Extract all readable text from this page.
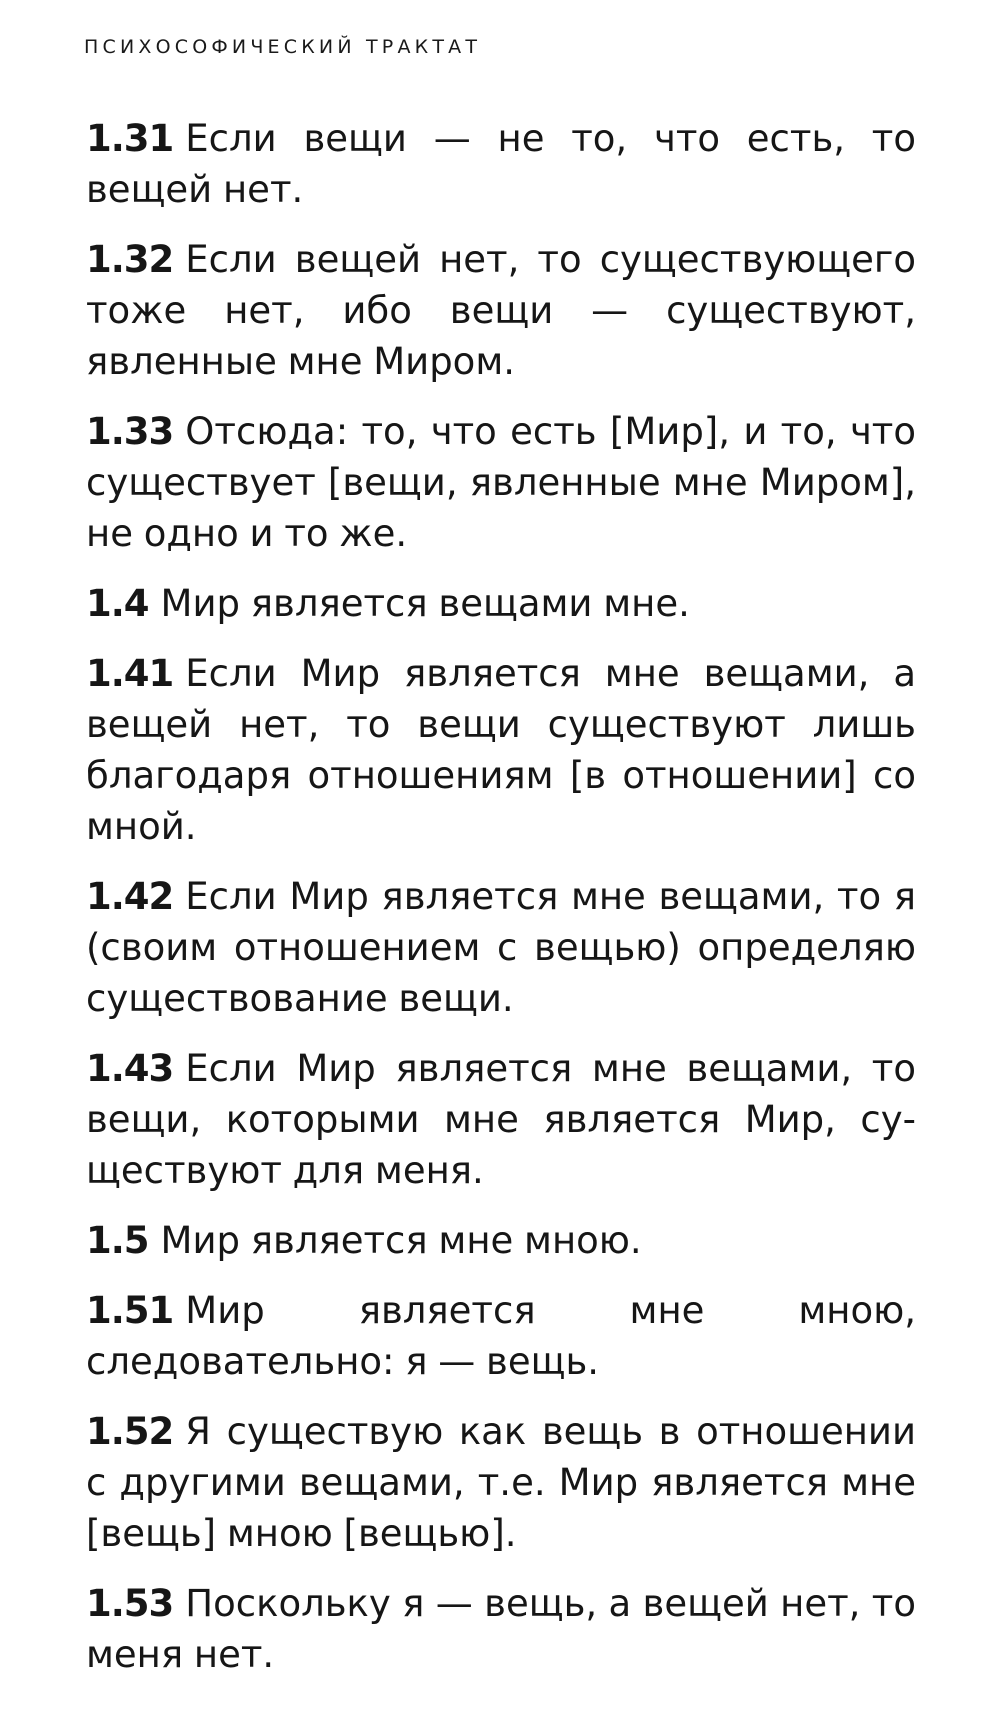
ПСИХОСОФИЧЕСКИЙ ТРАКТАТ

1.31 Если вещи — не то, что есть, то вещей нет.

1.32 Если вещей нет, то существующего тоже нет, ибо вещи — существуют, явленные мне Миром.

1.33 Отсюда: то, что есть [Мир], и то, что существует [вещи, явленные мне Миром], не одно и то же.

1.4 Мир является вещами мне.

1.41 Если Мир является мне вещами, а вещей нет, то вещи существуют лишь благодаря отношениям [в отношении] со мной.

1.42 Если Мир является мне вещами, то я (своим отношением с вещью) определяю существование вещи.

1.43 Если Мир является мне вещами, то вещи, которыми мне является Мир, существуют для меня.

1.5 Мир является мне мною.

1.51 Мир является мне мною, следовательно: я — вещь.

1.52 Я существую как вещь в отношении с другими вещами, т.е. Мир является мне [вещь] мною [вещью].

1.53 Поскольку я — вещь, а вещей нет, то меня нет.
